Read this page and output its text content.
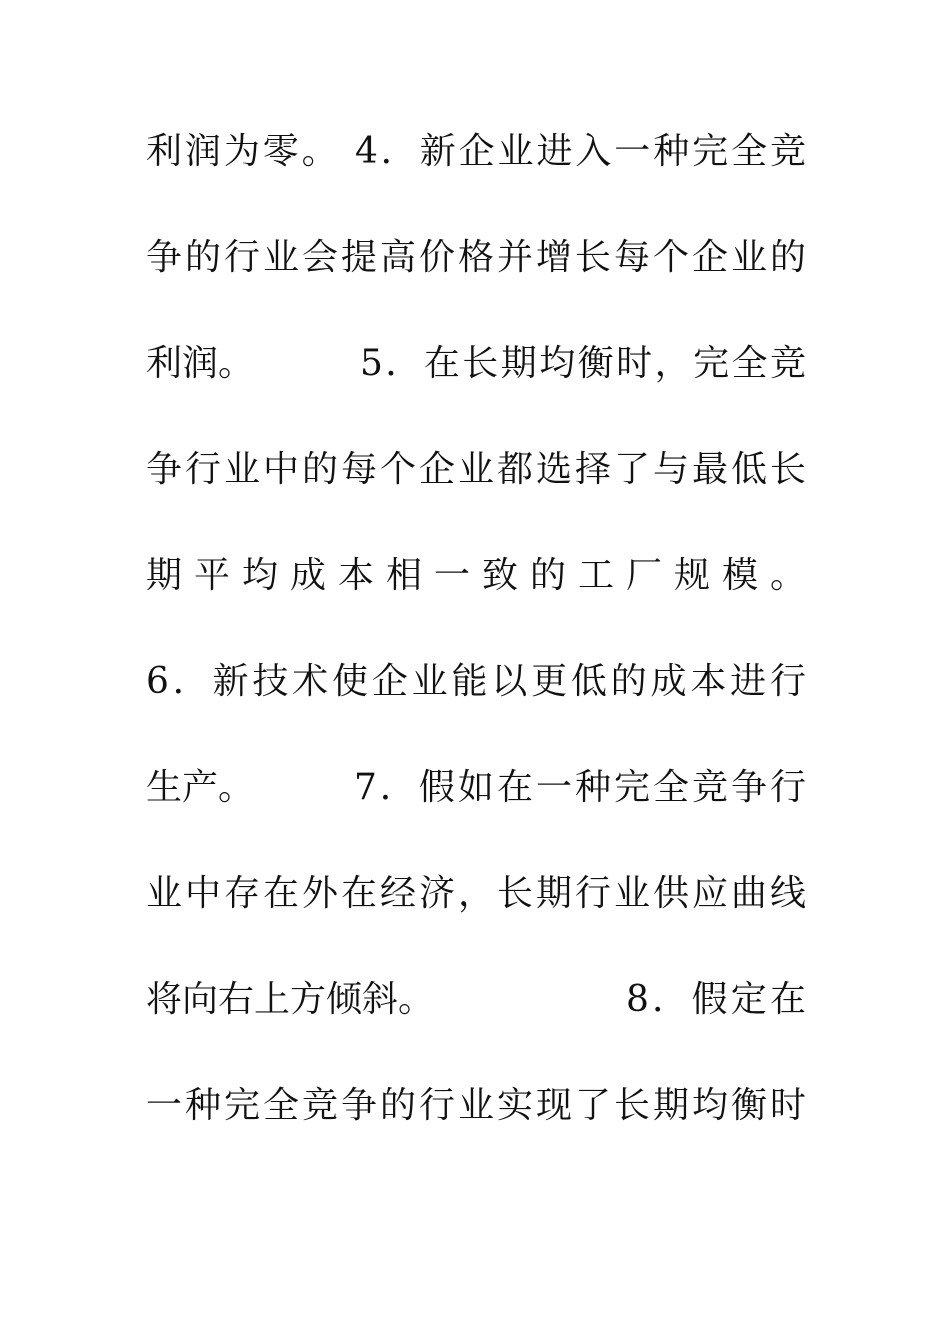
利润为零。 4．新企业进入一种完全竞
争的行业会提高价格并增长每个企业的
利润。	5．在长期均衡时，完全竞
争行业中的每个企业都选择了与最低长
期平均成本相一致的工厂规模。
6．新技术使企业能以更低的成本进行
生产。	7．假如在一种完全竞争行
业中存在外在经济，长期行业供应曲线
将向右上方倾斜。	8．假定在
一种完全竞争的行业实现了长期均衡时
